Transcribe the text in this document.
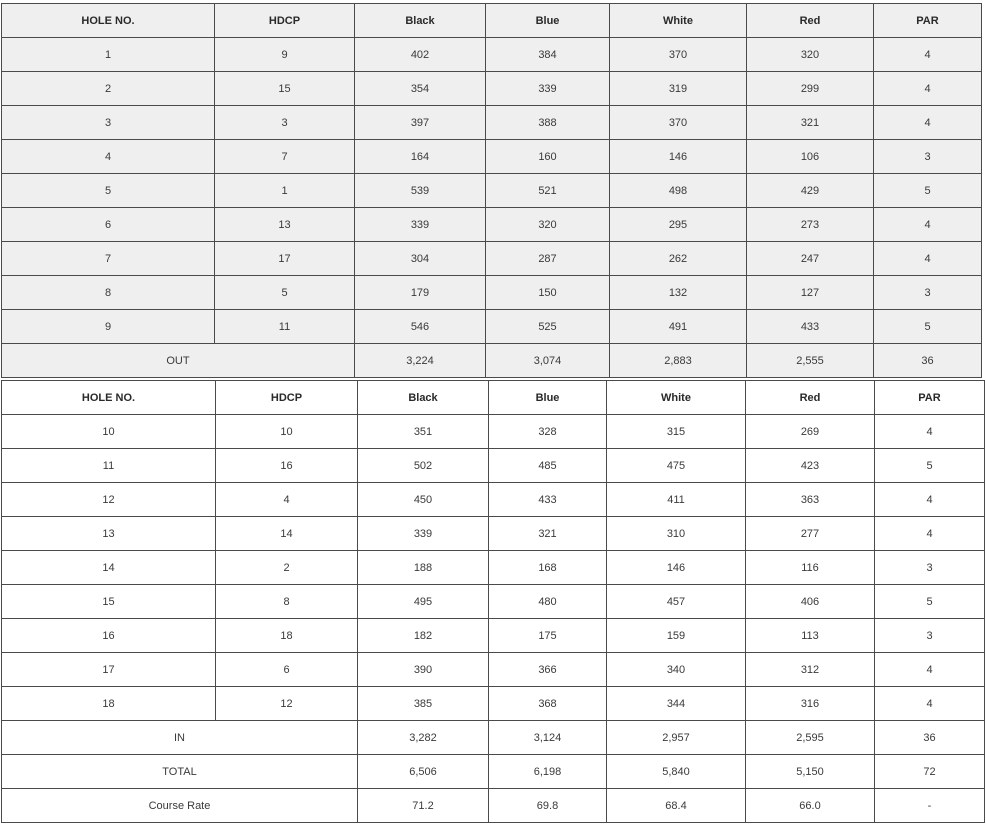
HOLE NO.	HDCP	Black	Blue	White	Red	PAR
1	9	402	384	370	320	4
2	15	354	339	319	299	4
3	3	397	388	370	321	4
4	7	164	160	146	106	3
5	1	539	521	498	429	5
6	13	339	320	295	273	4
7	17	304	287	262	247	4
8	5	179	150	132	127	3
9	11	546	525	491	433	5
OUT		3,224	3,074	2,883	2,555	36
HOLE NO.	HDCP	Black	Blue	White	Red	PAR
10	10	351	328	315	269	4
11	16	502	485	475	423	5
12	4	450	433	411	363	4
13	14	339	321	310	277	4
14	2	188	168	146	116	3
15	8	495	480	457	406	5
16	18	182	175	159	113	3
17	6	390	366	340	312	4
18	12	385	368	344	316	4
IN		3,282	3,124	2,957	2,595	36
TOTAL		6,506	6,198	5,840	5,150	72
Course Rate		71.2	69.8	68.4	66.0	-
